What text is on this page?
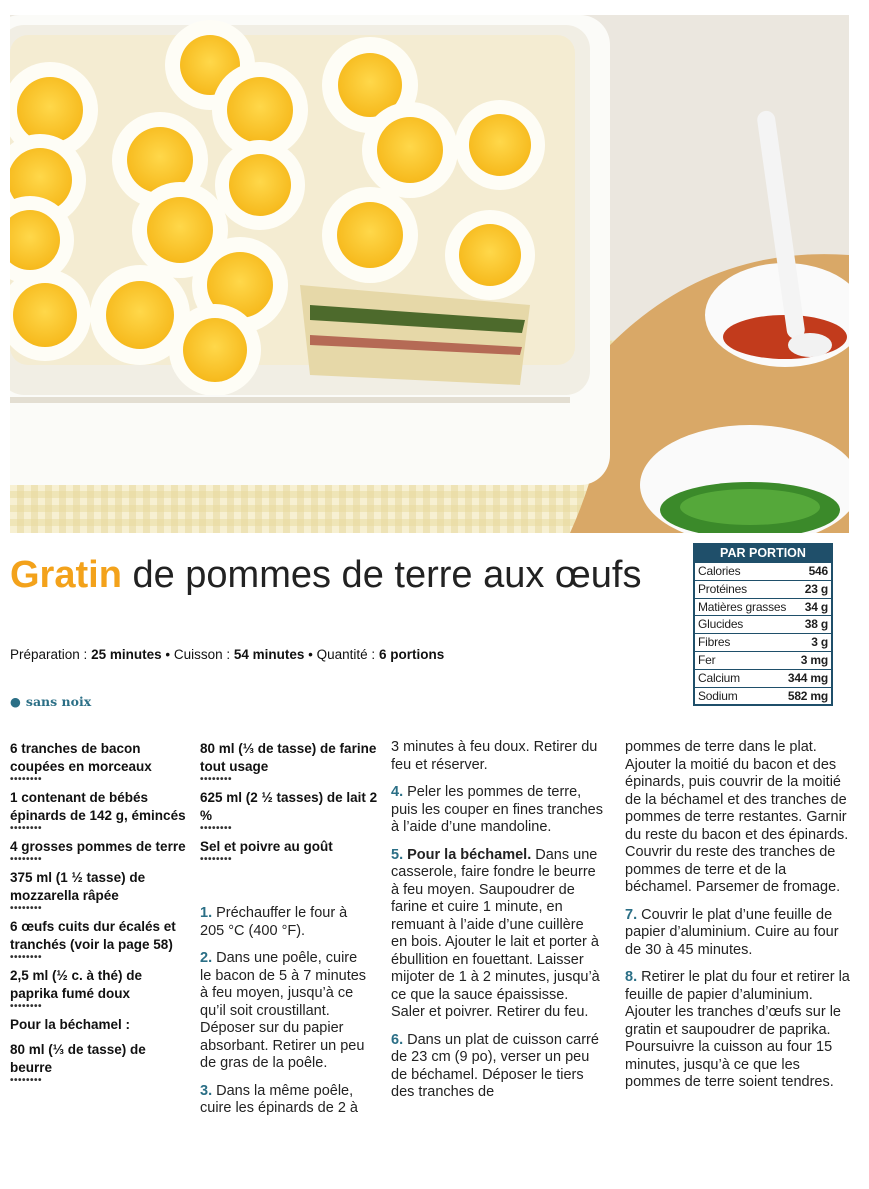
Gratin de pommes de terre aux œufs
Préparation : 25 minutes • Cuisson : 54 minutes • Quantité : 6 portions
● sans noix
PAR PORTION
Calories	546
Protéines	23 g
Matières grasses 34 g
Glucides	38 g
Fibres	3 g
Fer	3 mg
Calcium	344 mg
Sodium	582 mg
6 tranches de bacon coupées en morceaux
••••••••
1 contenant de bébés épinards de 142 g, émincés
••••••••
4 grosses pommes de terre
••••••••
375 ml (1 ½ tasse) de mozzarella râpée
••••••••
6 œufs cuits dur écalés et tranchés (voir la page 58)
••••••••
2,5 ml (½ c. à thé) de paprika fumé doux
••••••••
Pour la béchamel :
80 ml (⅓ de tasse) de beurre
••••••••
80 ml (⅓ de tasse) de farine tout usage
••••••••
625 ml (2 ½ tasses) de lait 2 %
••••••••
Sel et poivre au goût
••••••••

1. Préchauffer le four à 205 °C (400 °F).

2. Dans une poêle, cuire le bacon de 5 à 7 minutes à feu moyen, jusqu’à ce qu’il soit croustillant. Déposer sur du papier absorbant. Retirer un peu de gras de la poêle.

3. Dans la même poêle, cuire les épinards de 2 à

3 minutes à feu doux. Retirer du feu et réserver.

4. Peler les pommes de terre, puis les couper en fines tranches à l’aide d’une mandoline.

5. Pour la béchamel. Dans une casserole, faire fondre le beurre à feu moyen. Saupoudrer de farine et cuire 1 minute, en remuant à l’aide d’une cuillère en bois. Ajouter le lait et porter à ébullition en fouettant. Laisser mijoter de 1 à 2 minutes, jusqu’à ce que la sauce épaississe. Saler et poivrer. Retirer du feu.

6. Dans un plat de cuisson carré de 23 cm (9 po), verser un peu de béchamel. Déposer le tiers des tranches de

pommes de terre dans le plat. Ajouter la moitié du bacon et des épinards, puis couvrir de la moitié de la béchamel et des tranches de pommes de terre restantes. Garnir du reste du bacon et des épinards. Couvrir du reste des tranches de pommes de terre et de la béchamel. Parsemer de fromage.

7. Couvrir le plat d’une feuille de papier d’aluminium. Cuire au four de 30 à 45 minutes.

8. Retirer le plat du four et retirer la feuille de papier d’aluminium. Ajouter les tranches d’œufs sur le gratin et saupoudrer de paprika. Poursuivre la cuisson au four 15 minutes, jusqu’à ce que les pommes de terre soient tendres.
